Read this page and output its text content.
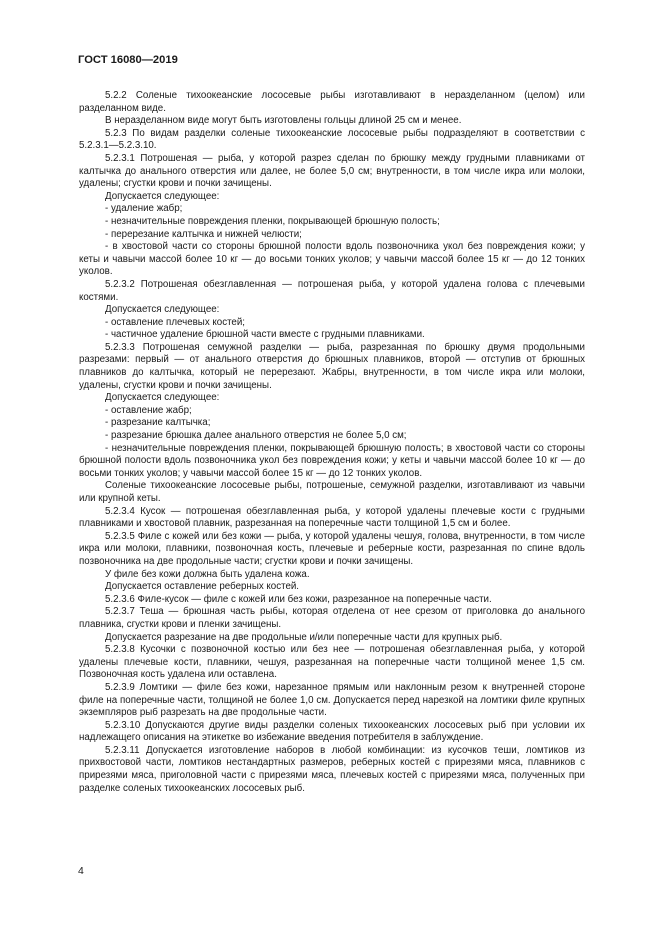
ГОСТ 16080—2019

5.2.2 Соленые тихоокеанские лососевые рыбы изготавливают в неразделанном (целом) или разделанном виде.

В неразделанном виде могут быть изготовлены гольцы длиной 25 см и менее.

5.2.3 По видам разделки соленые тихоокеанские лососевые рыбы подразделяют в соответствии с 5.2.3.1—5.2.3.10.

5.2.3.1 Потрошеная — рыба, у которой разрез сделан по брюшку между грудными плавниками от калтычка до анального отверстия или далее, не более 5,0 см; внутренности, в том числе икра или молоки, удалены; сгустки крови и почки зачищены.

Допускается следующее:

- удаление жабр;

- незначительные повреждения пленки, покрывающей брюшную полость;

- перерезание калтычка и нижней челюсти;

- в хвостовой части со стороны брюшной полости вдоль позвоночника укол без повреждения кожи; у кеты и чавычи массой более 10 кг — до восьми тонких уколов; у чавычи массой более 15 кг — до 12 тонких уколов.

5.2.3.2 Потрошеная обезглавленная — потрошеная рыба, у которой удалена голова с плечевыми костями.

Допускается следующее:

- оставление плечевых костей;

- частичное удаление брюшной части вместе с грудными плавниками.

5.2.3.3 Потрошеная семужной разделки — рыба, разрезанная по брюшку двумя продольными разрезами: первый — от анального отверстия до брюшных плавников, второй — отступив от брюшных плавников до калтычка, который не перерезают. Жабры, внутренности, в том числе икра или молоки, удалены, сгустки крови и почки зачищены.

Допускается следующее:

- оставление жабр;

- разрезание калтычка;

- разрезание брюшка далее анального отверстия не более 5,0 см;

- незначительные повреждения пленки, покрывающей брюшную полость; в хвостовой части со стороны брюшной полости вдоль позвоночника укол без повреждения кожи; у кеты и чавычи массой более 10 кг — до восьми тонких уколов; у чавычи массой более 15 кг — до 12 тонких уколов.

Соленые тихоокеанские лососевые рыбы, потрошеные, семужной разделки, изготавливают из чавычи или крупной кеты.

5.2.3.4 Кусок — потрошеная обезглавленная рыба, у которой удалены плечевые кости с грудными плавниками и хвостовой плавник, разрезанная на поперечные части толщиной 1,5 см и более.

5.2.3.5 Филе с кожей или без кожи — рыба, у которой удалены чешуя, голова, внутренности, в том числе икра или молоки, плавники, позвоночная кость, плечевые и реберные кости, разрезанная по спине вдоль позвоночника на две продольные части; сгустки крови и почки зачищены.

У филе без кожи должна быть удалена кожа.

Допускается оставление реберных костей.

5.2.3.6 Филе-кусок — филе с кожей или без кожи, разрезанное на поперечные части.

5.2.3.7 Теша — брюшная часть рыбы, которая отделена от нее срезом от приголовка до анального плавника, сгустки крови и пленки зачищены.

Допускается разрезание на две продольные и/или поперечные части для крупных рыб.

5.2.3.8 Кусочки с позвоночной костью или без нее — потрошеная обезглавленная рыба, у которой удалены плечевые кости, плавники, чешуя, разрезанная на поперечные части толщиной менее 1,5 см. Позвоночная кость удалена или оставлена.

5.2.3.9 Ломтики — филе без кожи, нарезанное прямым или наклонным резом к внутренней стороне филе на поперечные части, толщиной не более 1,0 см. Допускается перед нарезкой на ломтики филе крупных экземпляров рыб разрезать на две продольные части.

5.2.3.10 Допускаются другие виды разделки соленых тихоокеанских лососевых рыб при условии их надлежащего описания на этикетке во избежание введения потребителя в заблуждение.

5.2.3.11 Допускается изготовление наборов в любой комбинации: из кусочков теши, ломтиков из прихвостовой части, ломтиков нестандартных размеров, реберных костей с прирезями мяса, плавников с прирезями мяса, приголовной части с прирезями мяса, плечевых костей с прирезями мяса, полученных при разделке соленых тихоокеанских лососевых рыб.

4
